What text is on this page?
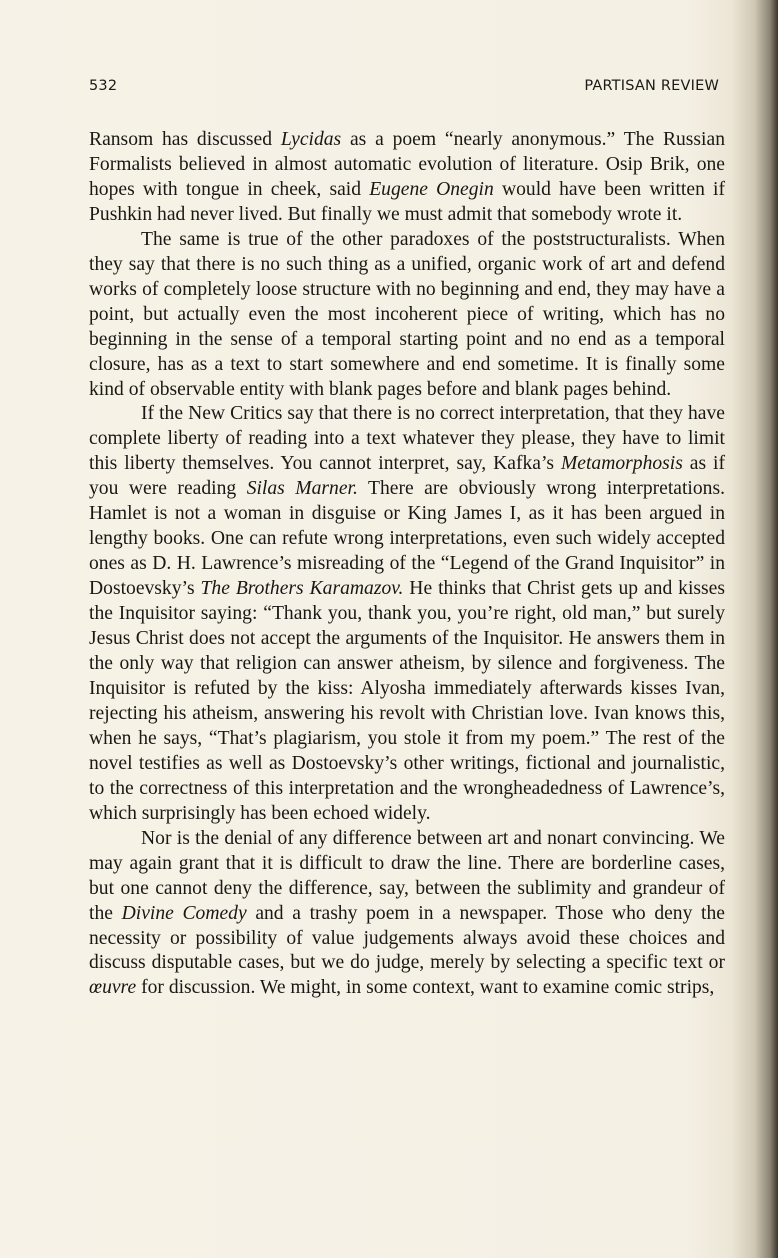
532	PARTISAN REVIEW

Ransom has discussed Lycidas as a poem “nearly anonymous.” The Russian Formalists believed in almost automatic evolution of literature. Osip Brik, one hopes with tongue in cheek, said Eugene Onegin would have been written if Pushkin had never lived. But finally we must admit that somebody wrote it.

The same is true of the other paradoxes of the poststructuralists. When they say that there is no such thing as a unified, organic work of art and defend works of completely loose structure with no beginning and end, they may have a point, but actually even the most incoherent piece of writing, which has no beginning in the sense of a temporal starting point and no end as a temporal closure, has as a text to start somewhere and end sometime. It is finally some kind of observable entity with blank pages before and blank pages behind.

If the New Critics say that there is no correct interpretation, that they have complete liberty of reading into a text whatever they please, they have to limit this liberty themselves. You cannot interpret, say, Kafka’s Metamorphosis as if you were reading Silas Marner. There are obviously wrong interpretations. Hamlet is not a woman in disguise or King James I, as it has been argued in lengthy books. One can refute wrong interpretations, even such widely accepted ones as D. H. Lawrence’s misreading of the “Legend of the Grand Inquisitor” in Dostoevsky’s The Brothers Karamazov. He thinks that Christ gets up and kisses the Inquisitor saying: “Thank you, thank you, you’re right, old man,” but surely Jesus Christ does not accept the arguments of the Inquisitor. He answers them in the only way that religion can answer atheism, by silence and forgiveness. The Inquisitor is refuted by the kiss: Alyosha immediately afterwards kisses Ivan, rejecting his atheism, answering his revolt with Christian love. Ivan knows this, when he says, “That’s plagiarism, you stole it from my poem.” The rest of the novel testifies as well as Dostoevsky’s other writings, fictional and journalistic, to the correctness of this interpretation and the wrongheadedness of Lawrence’s, which surprisingly has been echoed widely.

Nor is the denial of any difference between art and nonart convincing. We may again grant that it is difficult to draw the line. There are borderline cases, but one cannot deny the difference, say, between the sublimity and grandeur of the Divine Comedy and a trashy poem in a newspaper. Those who deny the necessity or possibility of value judgements always avoid these choices and discuss disputable cases, but we do judge, merely by selecting a specific text or œuvre for discussion. We might, in some context, want to examine comic strips,
